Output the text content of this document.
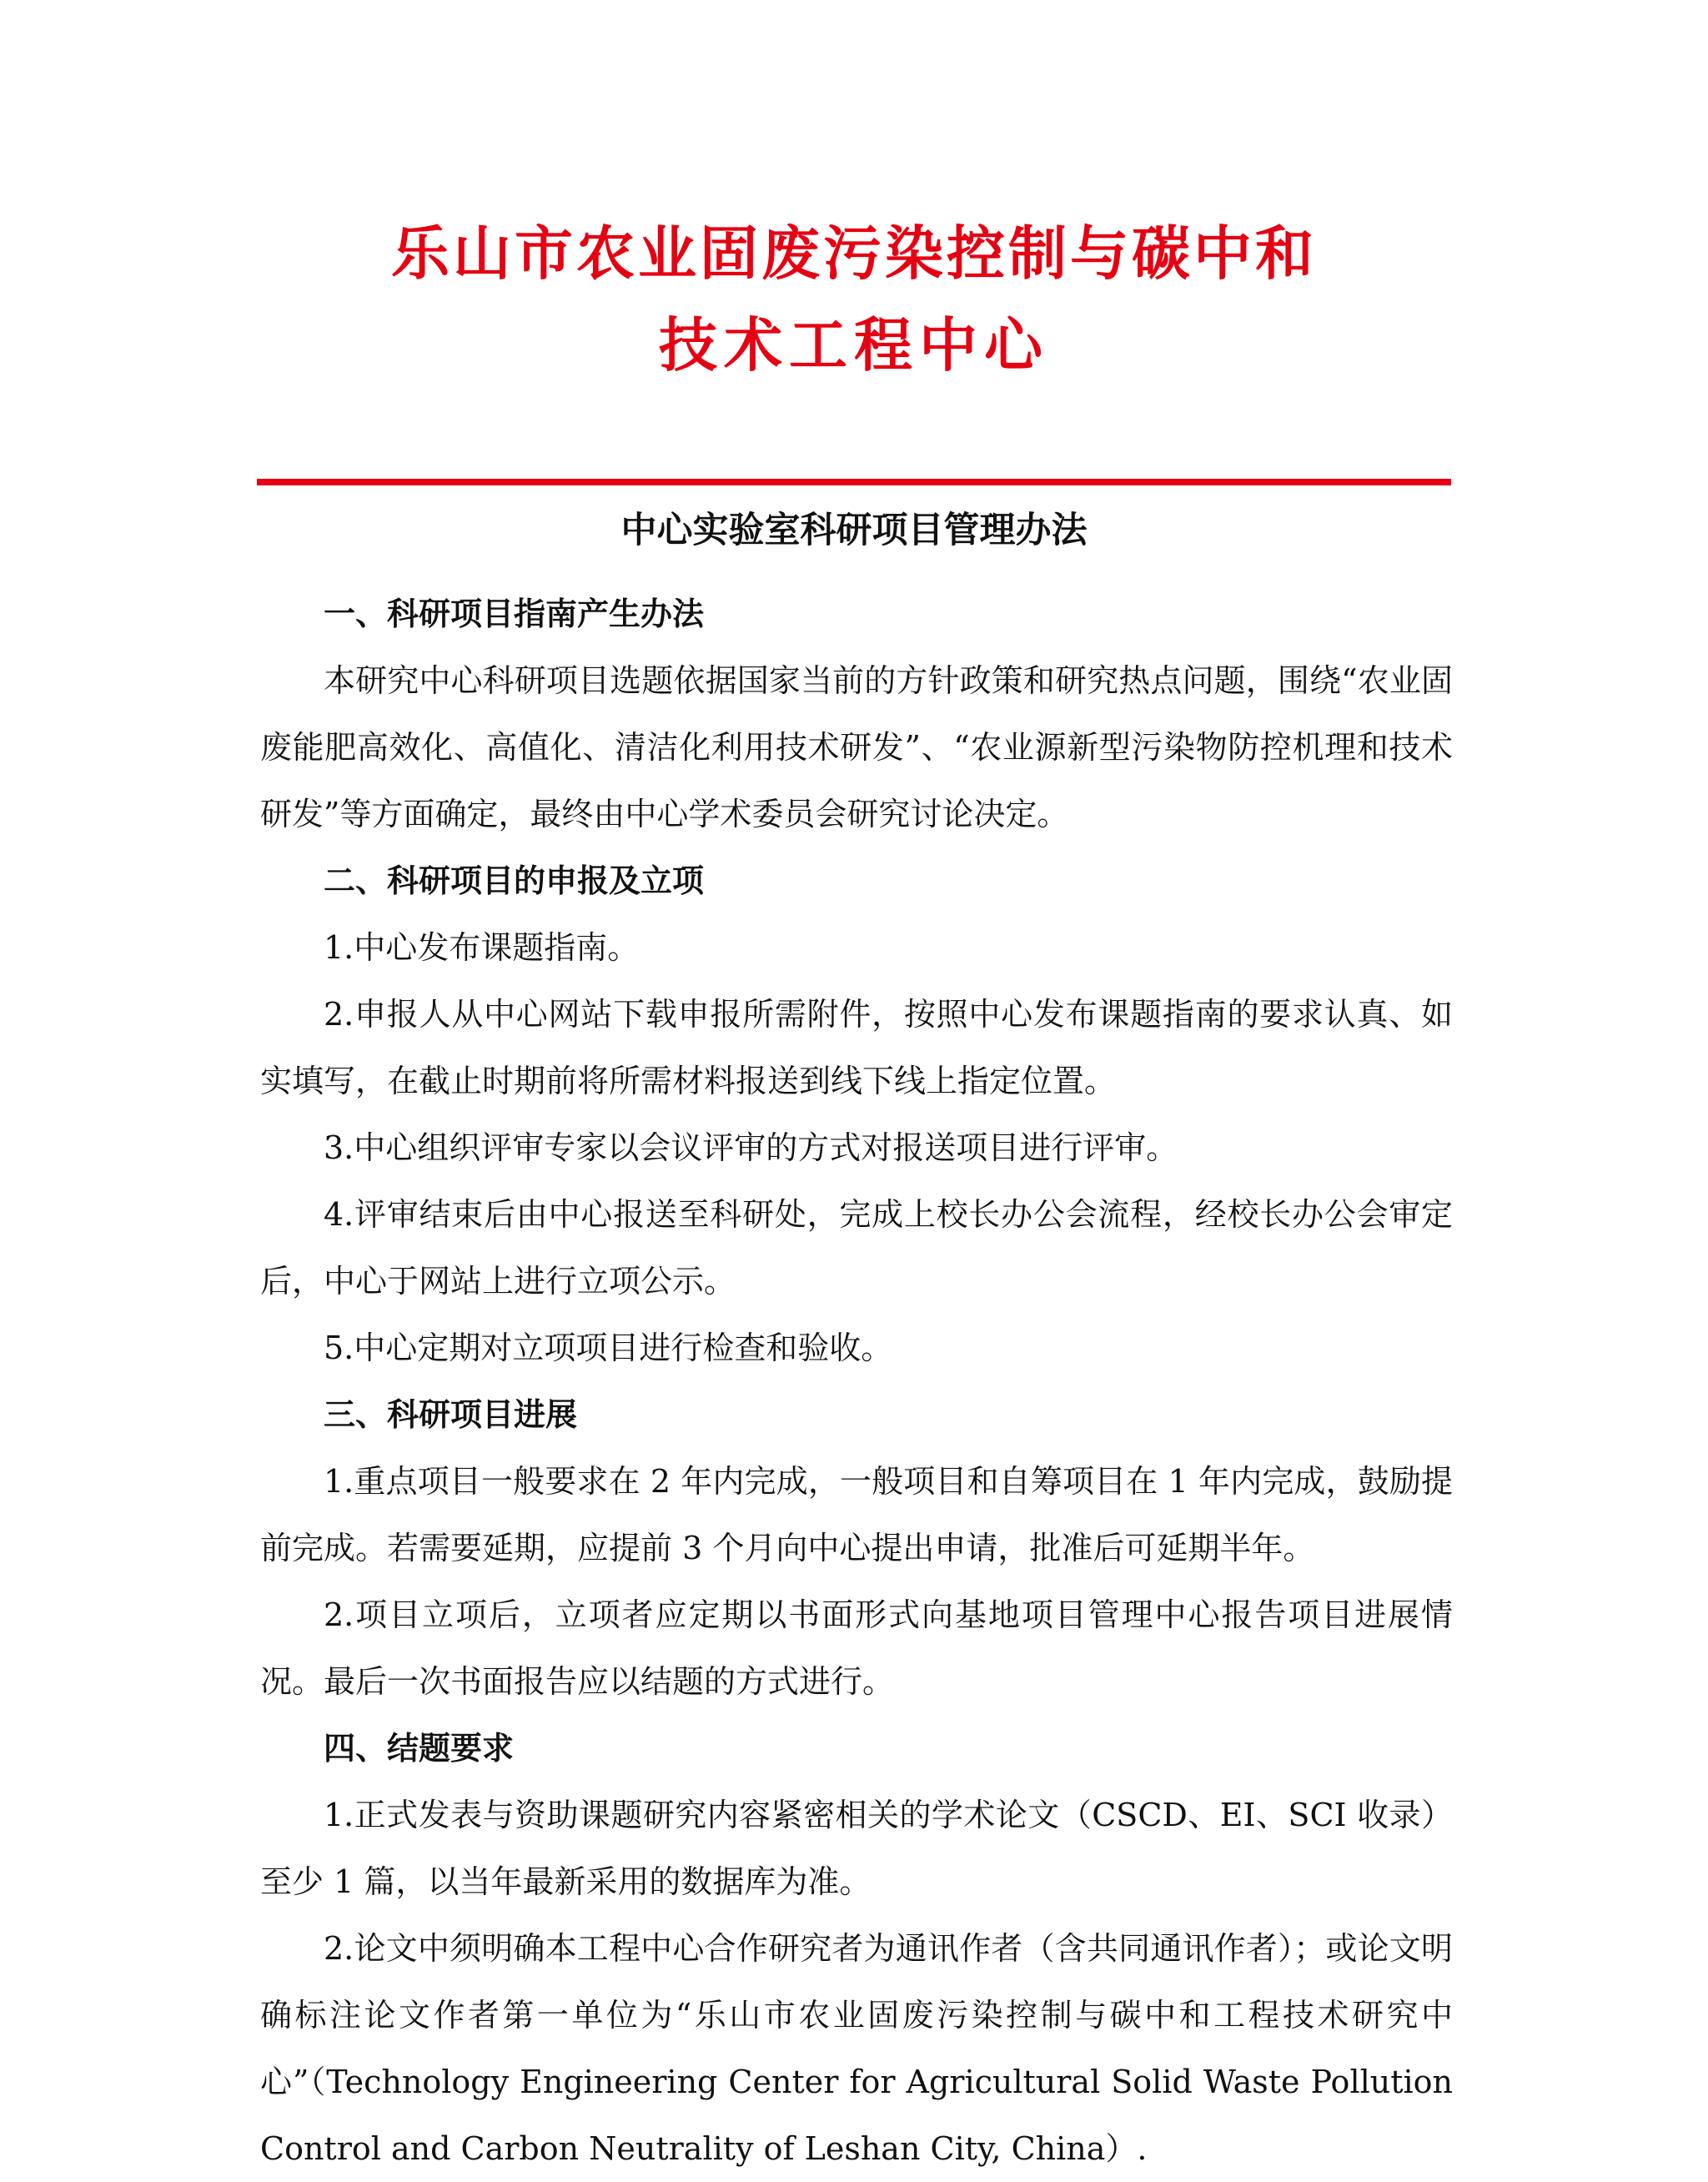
乐山市农业固废污染控制与碳中和
技术工程中心
中心实验室科研项目管理办法
一、科研项目指南产生办法

本研究中心科研项目选题依据国家当前的方针政策和研究热点问题，围绕“农业固废能肥高效化、高值化、清洁化利用技术研发”、“农业源新型污染物防控机理和技术研发”等方面确定，最终由中心学术委员会研究讨论决定。

二、科研项目的申报及立项

1.中心发布课题指南。

2.申报人从中心网站下载申报所需附件，按照中心发布课题指南的要求认真、如实填写，在截止时期前将所需材料报送到线下线上指定位置。

3.中心组织评审专家以会议评审的方式对报送项目进行评审。

4.评审结束后由中心报送至科研处，完成上校长办公会流程，经校长办公会审定后，中心于网站上进行立项公示。

5.中心定期对立项项目进行检查和验收。

三、科研项目进展

1.重点项目一般要求在 2 年内完成，一般项目和自筹项目在 1 年内完成，鼓励提前完成。若需要延期，应提前 3 个月向中心提出申请，批准后可延期半年。

2.项目立项后，立项者应定期以书面形式向基地项目管理中心报告项目进展情况。最后一次书面报告应以结题的方式进行。

四、结题要求

1.正式发表与资助课题研究内容紧密相关的学术论文（CSCD、EI、SCI 收录）至少 1 篇，以当年最新采用的数据库为准。

2.论文中须明确本工程中心合作研究者为通讯作者（含共同通讯作者）；或论文明确标注论文作者第一单位为“乐山市农业固废污染控制与碳中和工程技术研究中心”（Technology Engineering Center for Agricultural Solid Waste Pollution Control and Carbon Neutrality of Leshan City, China）.
